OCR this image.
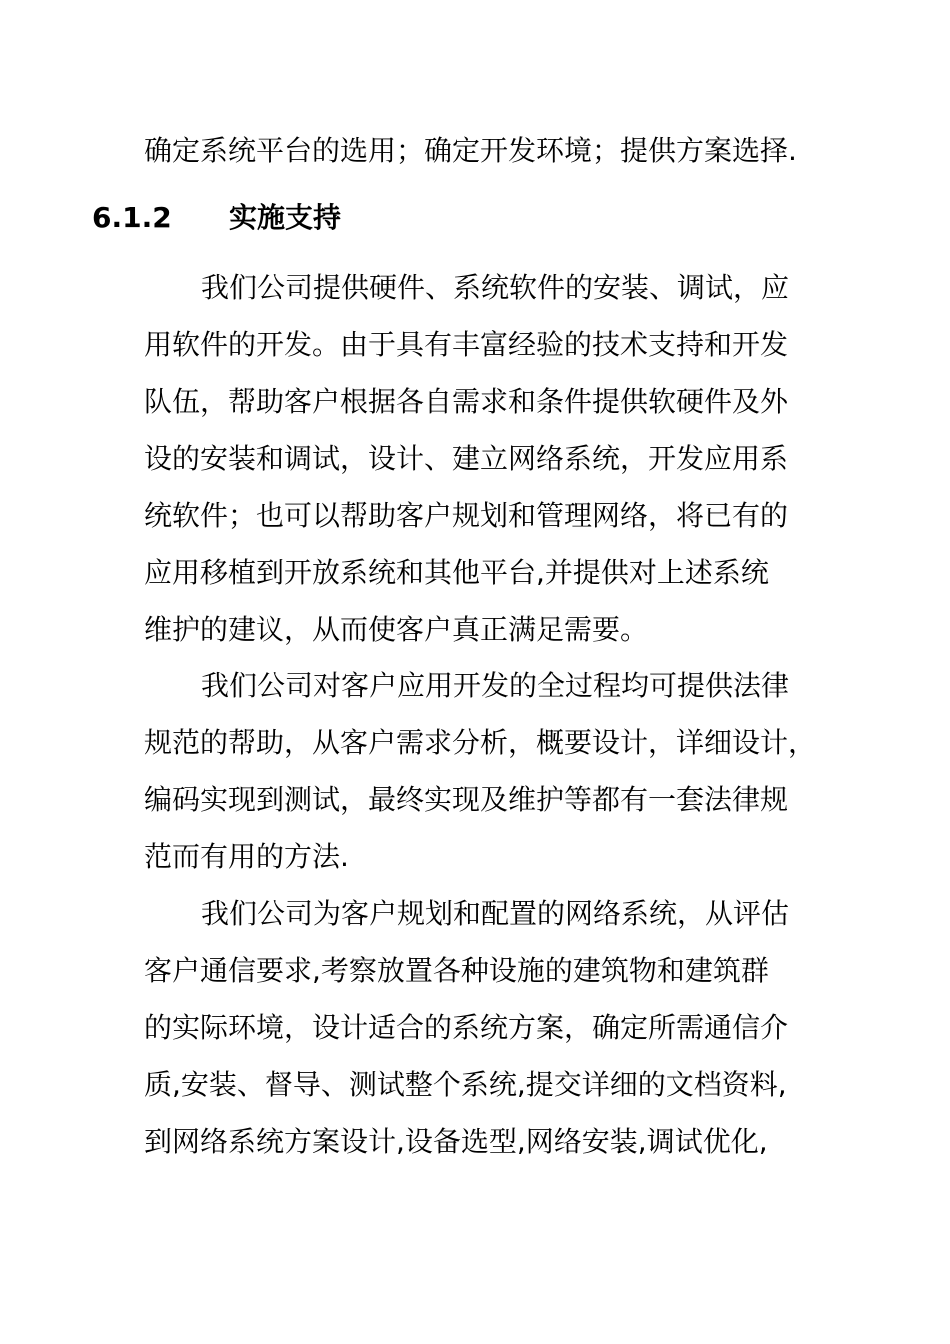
确定系统平台的选用；确定开发环境；提供方案选择.
6.1.2 实施支持
我们公司提供硬件、系统软件的安装、调试，应
用软件的开发。由于具有丰富经验的技术支持和开发
队伍，帮助客户根据各自需求和条件提供软硬件及外
设的安装和调试，设计、建立网络系统，开发应用系
统软件；也可以帮助客户规划和管理网络，将已有的
应用移植到开放系统和其他平台,并提供对上述系统
维护的建议，从而使客户真正满足需要。
我们公司对客户应用开发的全过程均可提供法律
规范的帮助，从客户需求分析，概要设计，详细设计，
编码实现到测试，最终实现及维护等都有一套法律规
范而有用的方法.
我们公司为客户规划和配置的网络系统，从评估
客户通信要求,考察放置各种设施的建筑物和建筑群
的实际环境，设计适合的系统方案，确定所需通信介
质,安装、督导、测试整个系统,提交详细的文档资料,
到网络系统方案设计,设备选型,网络安装,调试优化,
